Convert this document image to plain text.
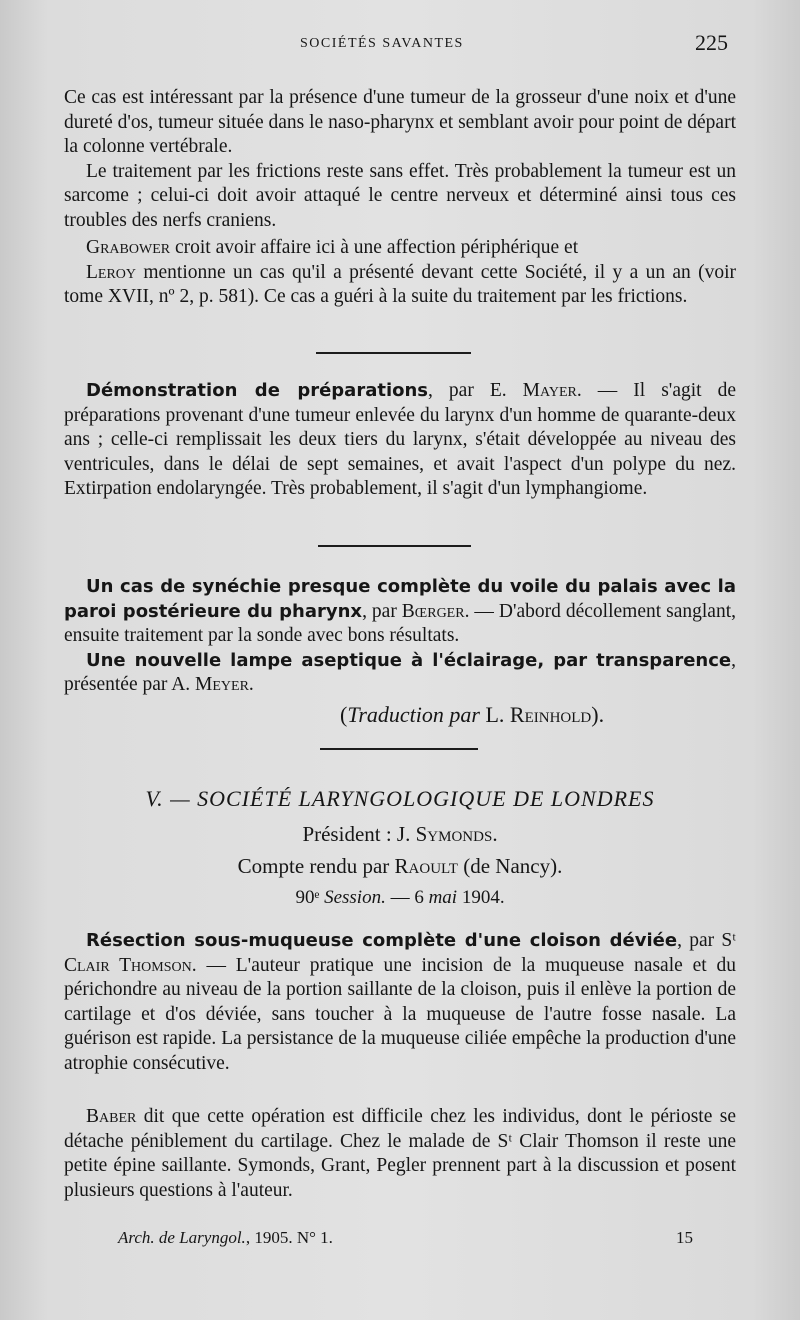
SOCIÉTÉS SAVANTES	225

Ce cas est intéressant par la présence d'une tumeur de la grosseur d'une noix et d'une dureté d'os, tumeur située dans le naso-pharynx et semblant avoir pour point de départ la colonne vertébrale.

Le traitement par les frictions reste sans effet. Très probablement la tumeur est un sarcome ; celui-ci doit avoir attaqué le centre nerveux et déterminé ainsi tous ces troubles des nerfs craniens.

Grabower croit avoir affaire ici à une affection périphérique et

Leroy mentionne un cas qu'il a présenté devant cette Société, il y a un an (voir tome XVII, nº 2, p. 581). Ce cas a guéri à la suite du traitement par les frictions.

Démonstration de préparations, par E. Mayer. — Il s'agit de préparations provenant d'une tumeur enlevée du larynx d'un homme de quarante-deux ans ; celle-ci remplissait les deux tiers du larynx, s'était développée au niveau des ventricules, dans le délai de sept semaines, et avait l'aspect d'un polype du nez. Extirpation endolaryngée. Très probablement, il s'agit d'un lymphangiome.

Un cas de synéchie presque complète du voile du palais avec la paroi postérieure du pharynx, par Bœrger. — D'abord décollement sanglant, ensuite traitement par la sonde avec bons résultats.

Une nouvelle lampe aseptique à l'éclairage, par transparence, présentée par A. Meyer.

(Traduction par L. Reinhold).
V. — SOCIÉTÉ LARYNGOLOGIQUE DE LONDRES
Président : J. Symonds.
Compte rendu par Raoult (de Nancy).
90ᵉ Session. — 6 mai 1904.

Résection sous-muqueuse complète d'une cloison déviée, par Sᵗ Clair Thomson. — L'auteur pratique une incision de la muqueuse nasale et du périchondre au niveau de la portion saillante de la cloison, puis il enlève la portion de cartilage et d'os déviée, sans toucher à la muqueuse de l'autre fosse nasale. La guérison est rapide. La persistance de la muqueuse ciliée empêche la production d'une atrophie consécutive.

Baber dit que cette opération est difficile chez les individus, dont le périoste se détache péniblement du cartilage. Chez le malade de Sᵗ Clair Thomson il reste une petite épine saillante. Symonds, Grant, Pegler prennent part à la discussion et posent plusieurs questions à l'auteur.

Arch. de Laryngol., 1905. N° 1.	15
